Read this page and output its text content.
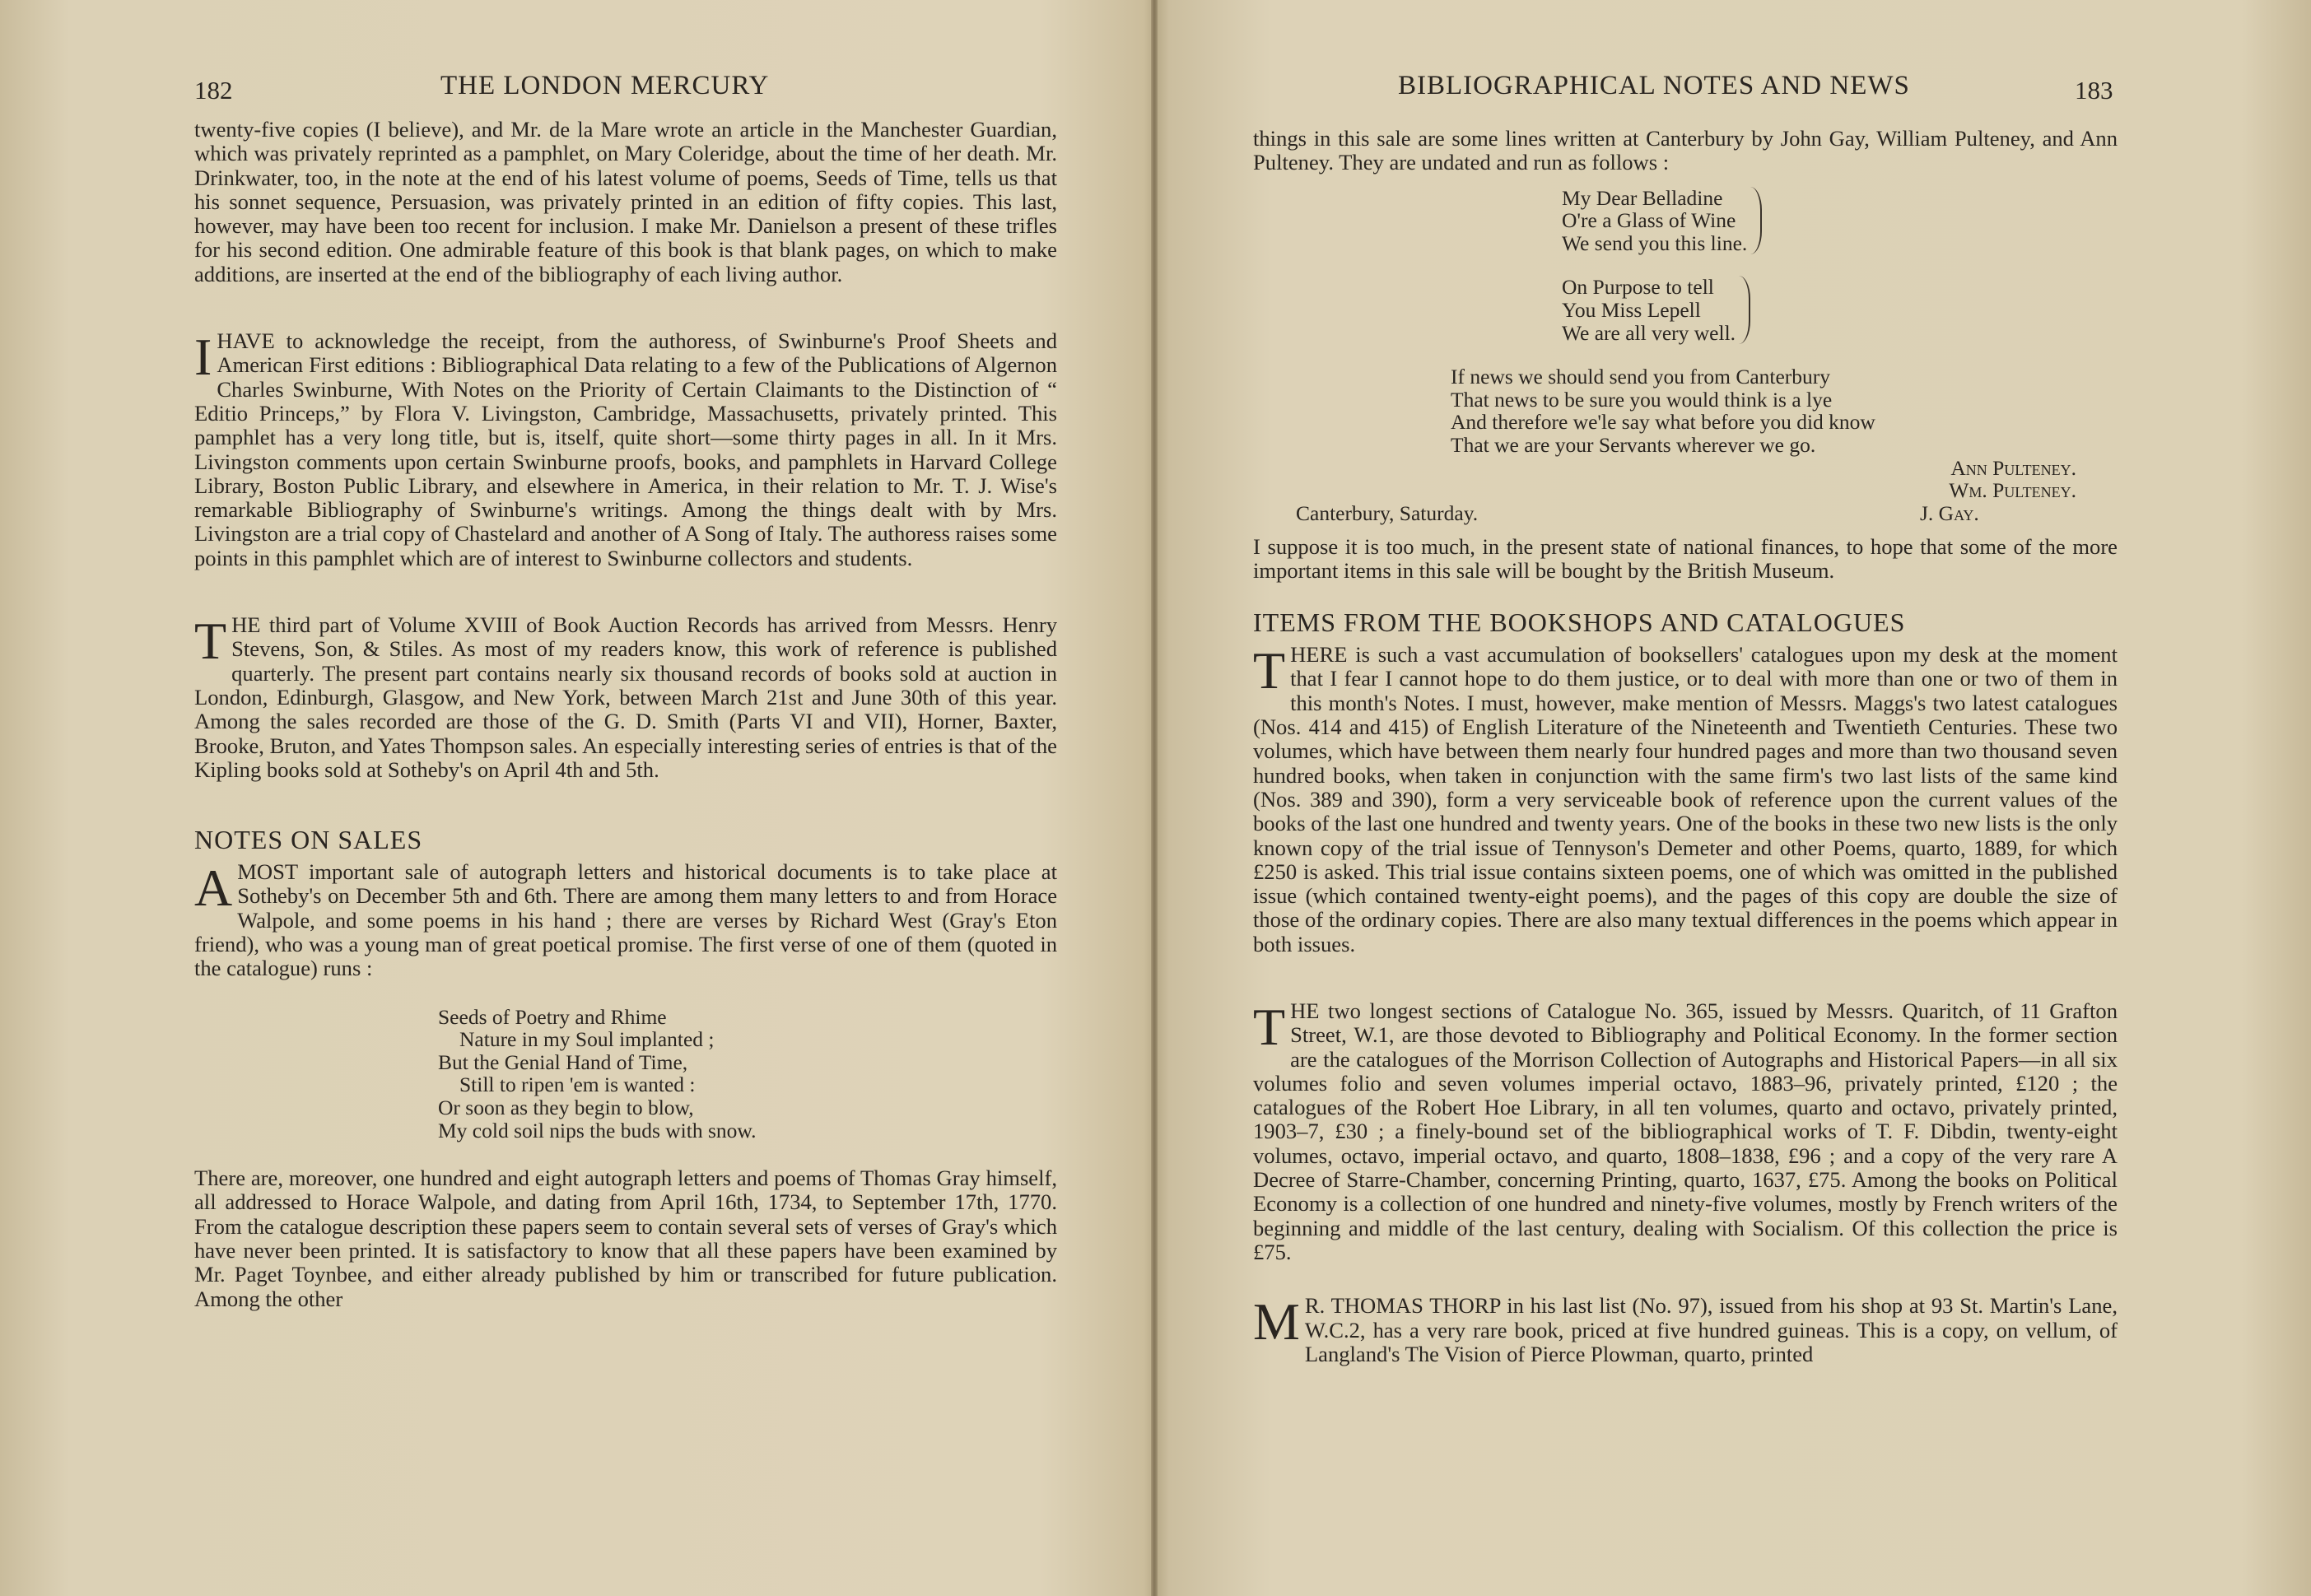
182	THE LONDON MERCURY

twenty-five copies (I believe), and Mr. de la Mare wrote an article in the Manchester Guardian, which was privately reprinted as a pamphlet, on Mary Coleridge, about the time of her death. Mr. Drinkwater, too, in the note at the end of his latest volume of poems, Seeds of Time, tells us that his sonnet sequence, Persuasion, was privately printed in an edition of fifty copies. This last, however, may have been too recent for inclusion. I make Mr. Danielson a present of these trifles for his second edition. One admirable feature of this book is that blank pages, on which to make additions, are inserted at the end of the bibliography of each living author.

IHAVE to acknowledge the receipt, from the authoress, of Swinburne's Proof Sheets and American First editions : Bibliographical Data relating to a few of the Publications of Algernon Charles Swinburne, With Notes on the Priority of Certain Claimants to the Distinction of “ Editio Princeps,” by Flora V. Livingston, Cambridge, Massachusetts, privately printed. This pamphlet has a very long title, but is, itself, quite short—some thirty pages in all. In it Mrs. Livingston comments upon certain Swinburne proofs, books, and pamphlets in Harvard College Library, Boston Public Library, and elsewhere in America, in their relation to Mr. T. J. Wise's remarkable Bibliography of Swinburne's writings. Among the things dealt with by Mrs. Livingston are a trial copy of Chastelard and another of A Song of Italy. The authoress raises some points in this pamphlet which are of interest to Swinburne collectors and students.

THE third part of Volume XVIII of Book Auction Records has arrived from Messrs. Henry Stevens, Son, & Stiles. As most of my readers know, this work of reference is published quarterly. The present part contains nearly six thousand records of books sold at auction in London, Edinburgh, Glasgow, and New York, between March 21st and June 30th of this year. Among the sales recorded are those of the G. D. Smith (Parts VI and VII), Horner, Baxter, Brooke, Bruton, and Yates Thompson sales. An especially interesting series of entries is that of the Kipling books sold at Sotheby's on April 4th and 5th.

NOTES ON SALES

AMOST important sale of autograph letters and historical documents is to take place at Sotheby's on December 5th and 6th. There are among them many letters to and from Horace Walpole, and some poems in his hand ; there are verses by Richard West (Gray's Eton friend), who was a young man of great poetical promise. The first verse of one of them (quoted in the catalogue) runs :

Seeds of Poetry and Rhime
Nature in my Soul implanted ;
But the Genial Hand of Time,
Still to ripen 'em is wanted :
Or soon as they begin to blow,
My cold soil nips the buds with snow.

There are, moreover, one hundred and eight autograph letters and poems of Thomas Gray himself, all addressed to Horace Walpole, and dating from April 16th, 1734, to September 17th, 1770. From the catalogue description these papers seem to contain several sets of verses of Gray's which have never been printed. It is satisfactory to know that all these papers have been examined by Mr. Paget Toynbee, and either already published by him or transcribed for future publication. Among the other

BIBLIOGRAPHICAL NOTES AND NEWS	183

things in this sale are some lines written at Canterbury by John Gay, William Pulteney, and Ann Pulteney. They are undated and run as follows :

My Dear Belladine
O're a Glass of Wine
We send you this line.
On Purpose to tell
You Miss Lepell
We are all very well.
If news we should send you from Canterbury
That news to be sure you would think is a lye
And therefore we'le say what before you did know
That we are your Servants wherever we go.
Ann Pulteney.
Wm. Pulteney.
Canterbury, Saturday.	J. Gay.

I suppose it is too much, in the present state of national finances, to hope that some of the more important items in this sale will be bought by the British Museum.

ITEMS FROM THE BOOKSHOPS AND CATALOGUES

THERE is such a vast accumulation of booksellers' catalogues upon my desk at the moment that I fear I cannot hope to do them justice, or to deal with more than one or two of them in this month's Notes. I must, however, make mention of Messrs. Maggs's two latest catalogues (Nos. 414 and 415) of English Literature of the Nineteenth and Twentieth Centuries. These two volumes, which have between them nearly four hundred pages and more than two thousand seven hundred books, when taken in conjunction with the same firm's two last lists of the same kind (Nos. 389 and 390), form a very serviceable book of reference upon the current values of the books of the last one hundred and twenty years. One of the books in these two new lists is the only known copy of the trial issue of Tennyson's Demeter and other Poems, quarto, 1889, for which £250 is asked. This trial issue contains sixteen poems, one of which was omitted in the published issue (which contained twenty-eight poems), and the pages of this copy are double the size of those of the ordinary copies. There are also many textual differences in the poems which appear in both issues.

THE two longest sections of Catalogue No. 365, issued by Messrs. Quaritch, of 11 Grafton Street, W.1, are those devoted to Bibliography and Political Economy. In the former section are the catalogues of the Morrison Collection of Autographs and Historical Papers—in all six volumes folio and seven volumes imperial octavo, 1883–96, privately printed, £120 ; the catalogues of the Robert Hoe Library, in all ten volumes, quarto and octavo, privately printed, 1903–7, £30 ; a finely-bound set of the bibliographical works of T. F. Dibdin, twenty-eight volumes, octavo, imperial octavo, and quarto, 1808–1838, £96 ; and a copy of the very rare A Decree of Starre-Chamber, concerning Printing, quarto, 1637, £75. Among the books on Political Economy is a collection of one hundred and ninety-five volumes, mostly by French writers of the beginning and middle of the last century, dealing with Socialism. Of this collection the price is £75.

M R. THOMAS THORP in his last list (No. 97), issued from his shop at 93 St. Martin's Lane, W.C.2, has a very rare book, priced at five hundred guineas. This is a copy, on vellum, of Langland's The Vision of Pierce Plowman, quarto, printed
